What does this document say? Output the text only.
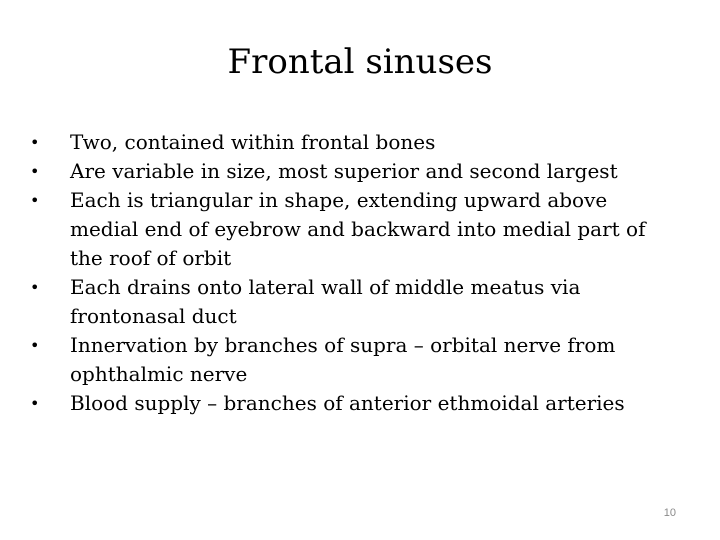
Frontal sinuses
• Two, contained within frontal bones
• Are variable in size, most superior and second largest
• Each is triangular in shape, extending upward above medial end of eyebrow and backward into medial part of the roof of orbit
• Each drains onto lateral wall of middle meatus via frontonasal duct
• Innervation by branches of supra – orbital nerve from ophthalmic nerve
• Blood supply – branches of anterior ethmoidal arteries
10
